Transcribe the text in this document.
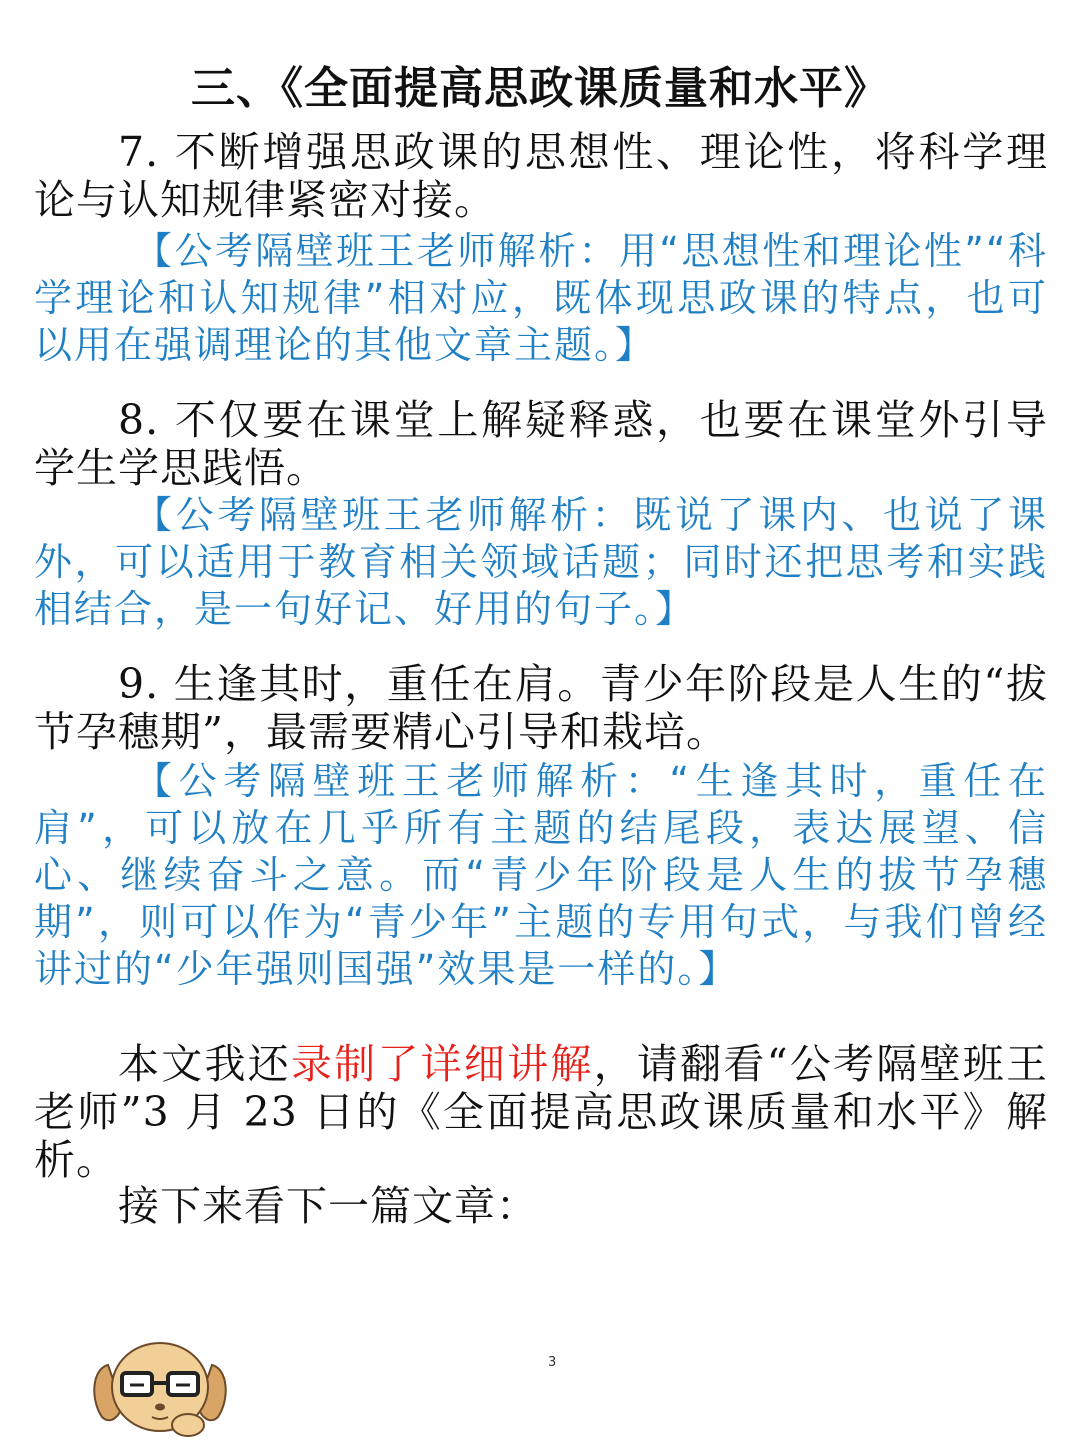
三、《全面提高思政课质量和水平》

7. 不断增强思政课的思想性、理论性，将科学理论与认知规律紧密对接。

【公考隔壁班王老师解析：用“思想性和理论性”“科学理论和认知规律”相对应，既体现思政课的特点，也可以用在强调理论的其他文章主题。】

8. 不仅要在课堂上解疑释惑，也要在课堂外引导学生学思践悟。

【公考隔壁班王老师解析：既说了课内、也说了课外，可以适用于教育相关领域话题；同时还把思考和实践相结合，是一句好记、好用的句子。】

9. 生逢其时，重任在肩。青少年阶段是人生的“拔节孕穗期”，最需要精心引导和栽培。

【公考隔壁班王老师解析：“生逢其时，重任在肩”，可以放在几乎所有主题的结尾段，表达展望、信心、继续奋斗之意。而“青少年阶段是人生的拔节孕穗期”，则可以作为“青少年”主题的专用句式，与我们曾经讲过的“少年强则国强”效果是一样的。】

本文我还录制了详细讲解，请翻看“公考隔壁班王老师”3 月 23 日的《全面提高思政课质量和水平》解析。

接下来看下一篇文章：

3
